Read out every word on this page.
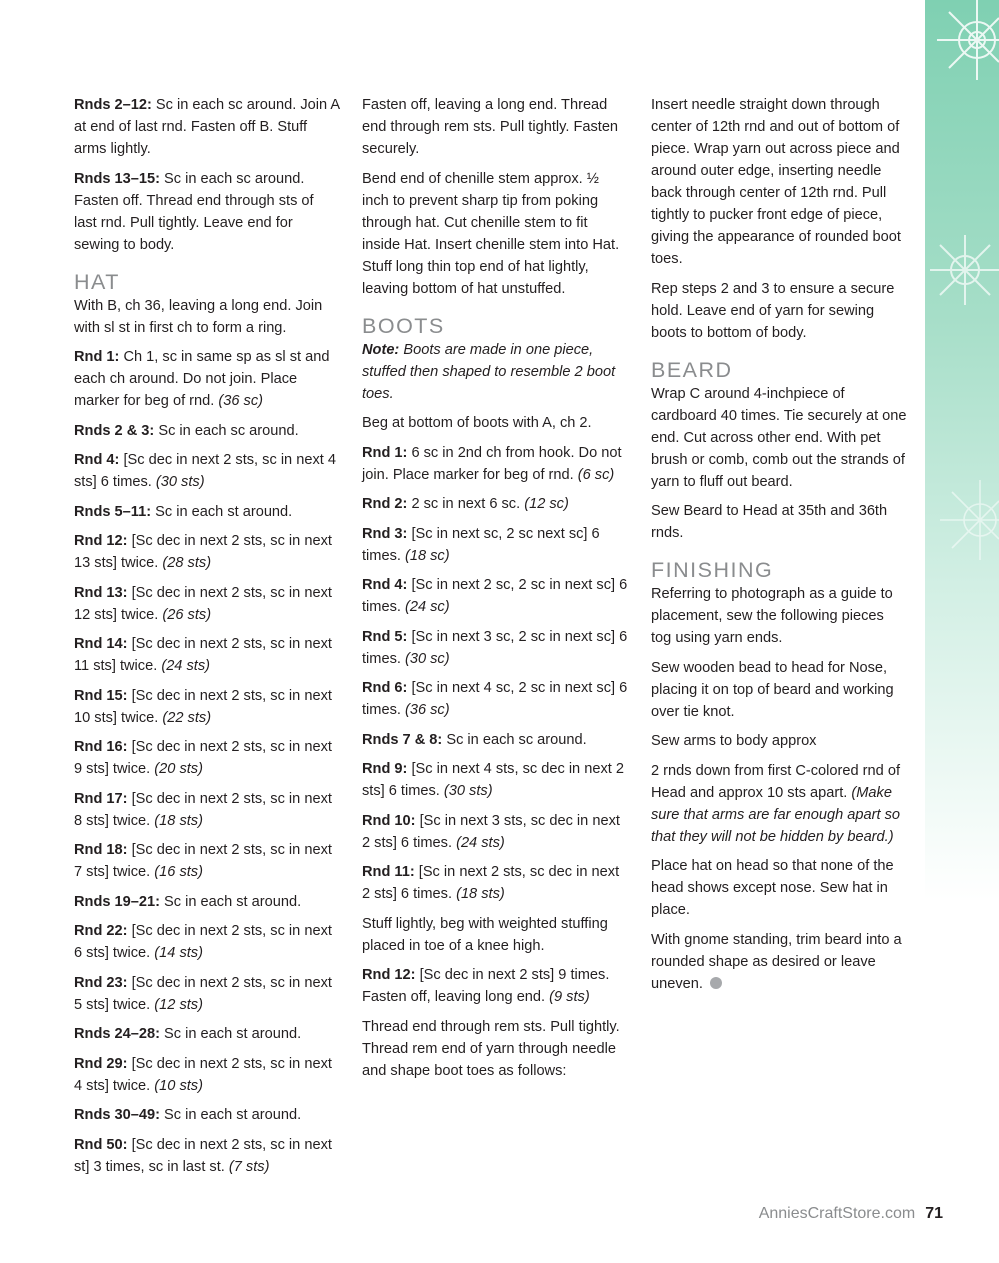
Rnds 2–12: Sc in each sc around. Join A at end of last rnd. Fasten off B. Stuff arms lightly.

Rnds 13–15: Sc in each sc around. Fasten off. Thread end through sts of last rnd. Pull tightly. Leave end for sewing to body.

HAT

With B, ch 36, leaving a long end. Join with sl st in first ch to form a ring.

Rnd 1: Ch 1, sc in same sp as sl st and each ch around. Do not join. Place marker for beg of rnd. (36 sc)

Rnds 2 & 3: Sc in each sc around.

Rnd 4: [Sc dec in next 2 sts, sc in next 4 sts] 6 times. (30 sts)

Rnds 5–11: Sc in each st around.

Rnd 12: [Sc dec in next 2 sts, sc in next 13 sts] twice. (28 sts)

Rnd 13: [Sc dec in next 2 sts, sc in next 12 sts] twice. (26 sts)

Rnd 14: [Sc dec in next 2 sts, sc in next 11 sts] twice. (24 sts)

Rnd 15: [Sc dec in next 2 sts, sc in next 10 sts] twice. (22 sts)

Rnd 16: [Sc dec in next 2 sts, sc in next 9 sts] twice. (20 sts)

Rnd 17: [Sc dec in next 2 sts, sc in next 8 sts] twice. (18 sts)

Rnd 18: [Sc dec in next 2 sts, sc in next 7 sts] twice. (16 sts)

Rnds 19–21: Sc in each st around.

Rnd 22: [Sc dec in next 2 sts, sc in next 6 sts] twice. (14 sts)

Rnd 23: [Sc dec in next 2 sts, sc in next 5 sts] twice. (12 sts)

Rnds 24–28: Sc in each st around.

Rnd 29: [Sc dec in next 2 sts, sc in next 4 sts] twice. (10 sts)

Rnds 30–49: Sc in each st around.

Rnd 50: [Sc dec in next 2 sts, sc in next st] 3 times, sc in last st. (7 sts)

Fasten off, leaving a long end. Thread end through rem sts. Pull tightly. Fasten securely.

Bend end of chenille stem approx. ½ inch to prevent sharp tip from poking through hat. Cut chenille stem to fit inside Hat. Insert chenille stem into Hat. Stuff long thin top end of hat lightly, leaving bottom of hat unstuffed.

BOOTS

Note: Boots are made in one piece, stuffed then shaped to resemble 2 boot toes.

Beg at bottom of boots with A, ch 2.

Rnd 1: 6 sc in 2nd ch from hook. Do not join. Place marker for beg of rnd. (6 sc)

Rnd 2: 2 sc in next 6 sc. (12 sc)

Rnd 3: [Sc in next sc, 2 sc next sc] 6 times. (18 sc)

Rnd 4: [Sc in next 2 sc, 2 sc in next sc] 6 times. (24 sc)

Rnd 5: [Sc in next 3 sc, 2 sc in next sc] 6 times. (30 sc)

Rnd 6: [Sc in next 4 sc, 2 sc in next sc] 6 times. (36 sc)

Rnds 7 & 8: Sc in each sc around.

Rnd 9: [Sc in next 4 sts, sc dec in next 2 sts] 6 times. (30 sts)

Rnd 10: [Sc in next 3 sts, sc dec in next 2 sts] 6 times. (24 sts)

Rnd 11: [Sc in next 2 sts, sc dec in next 2 sts] 6 times. (18 sts)

Stuff lightly, beg with weighted stuffing placed in toe of a knee high.

Rnd 12: [Sc dec in next 2 sts] 9 times. Fasten off, leaving long end. (9 sts)

Thread end through rem sts. Pull tightly. Thread rem end of yarn through needle and shape boot toes as follows:

Insert needle straight down through center of 12th rnd and out of bottom of piece. Wrap yarn out across piece and around outer edge, inserting needle back through center of 12th rnd. Pull tightly to pucker front edge of piece, giving the appearance of rounded boot toes.

Rep steps 2 and 3 to ensure a secure hold. Leave end of yarn for sewing boots to bottom of body.

BEARD

Wrap C around 4-inchpiece of cardboard 40 times. Tie securely at one end. Cut across other end. With pet brush or comb, comb out the strands of yarn to fluff out beard.

Sew Beard to Head at 35th and 36th rnds.

FINISHING

Referring to photograph as a guide to placement, sew the following pieces tog using yarn ends.

Sew wooden bead to head for Nose, placing it on top of beard and working over tie knot.

Sew arms to body approx

2 rnds down from first C-colored rnd of Head and approx 10 sts apart. (Make sure that arms are far enough apart so that they will not be hidden by beard.)

Place hat on head so that none of the head shows except nose. Sew hat in place.

With gnome standing, trim beard into a rounded shape as desired or leave uneven.

AnniesCraftStore.com 71
